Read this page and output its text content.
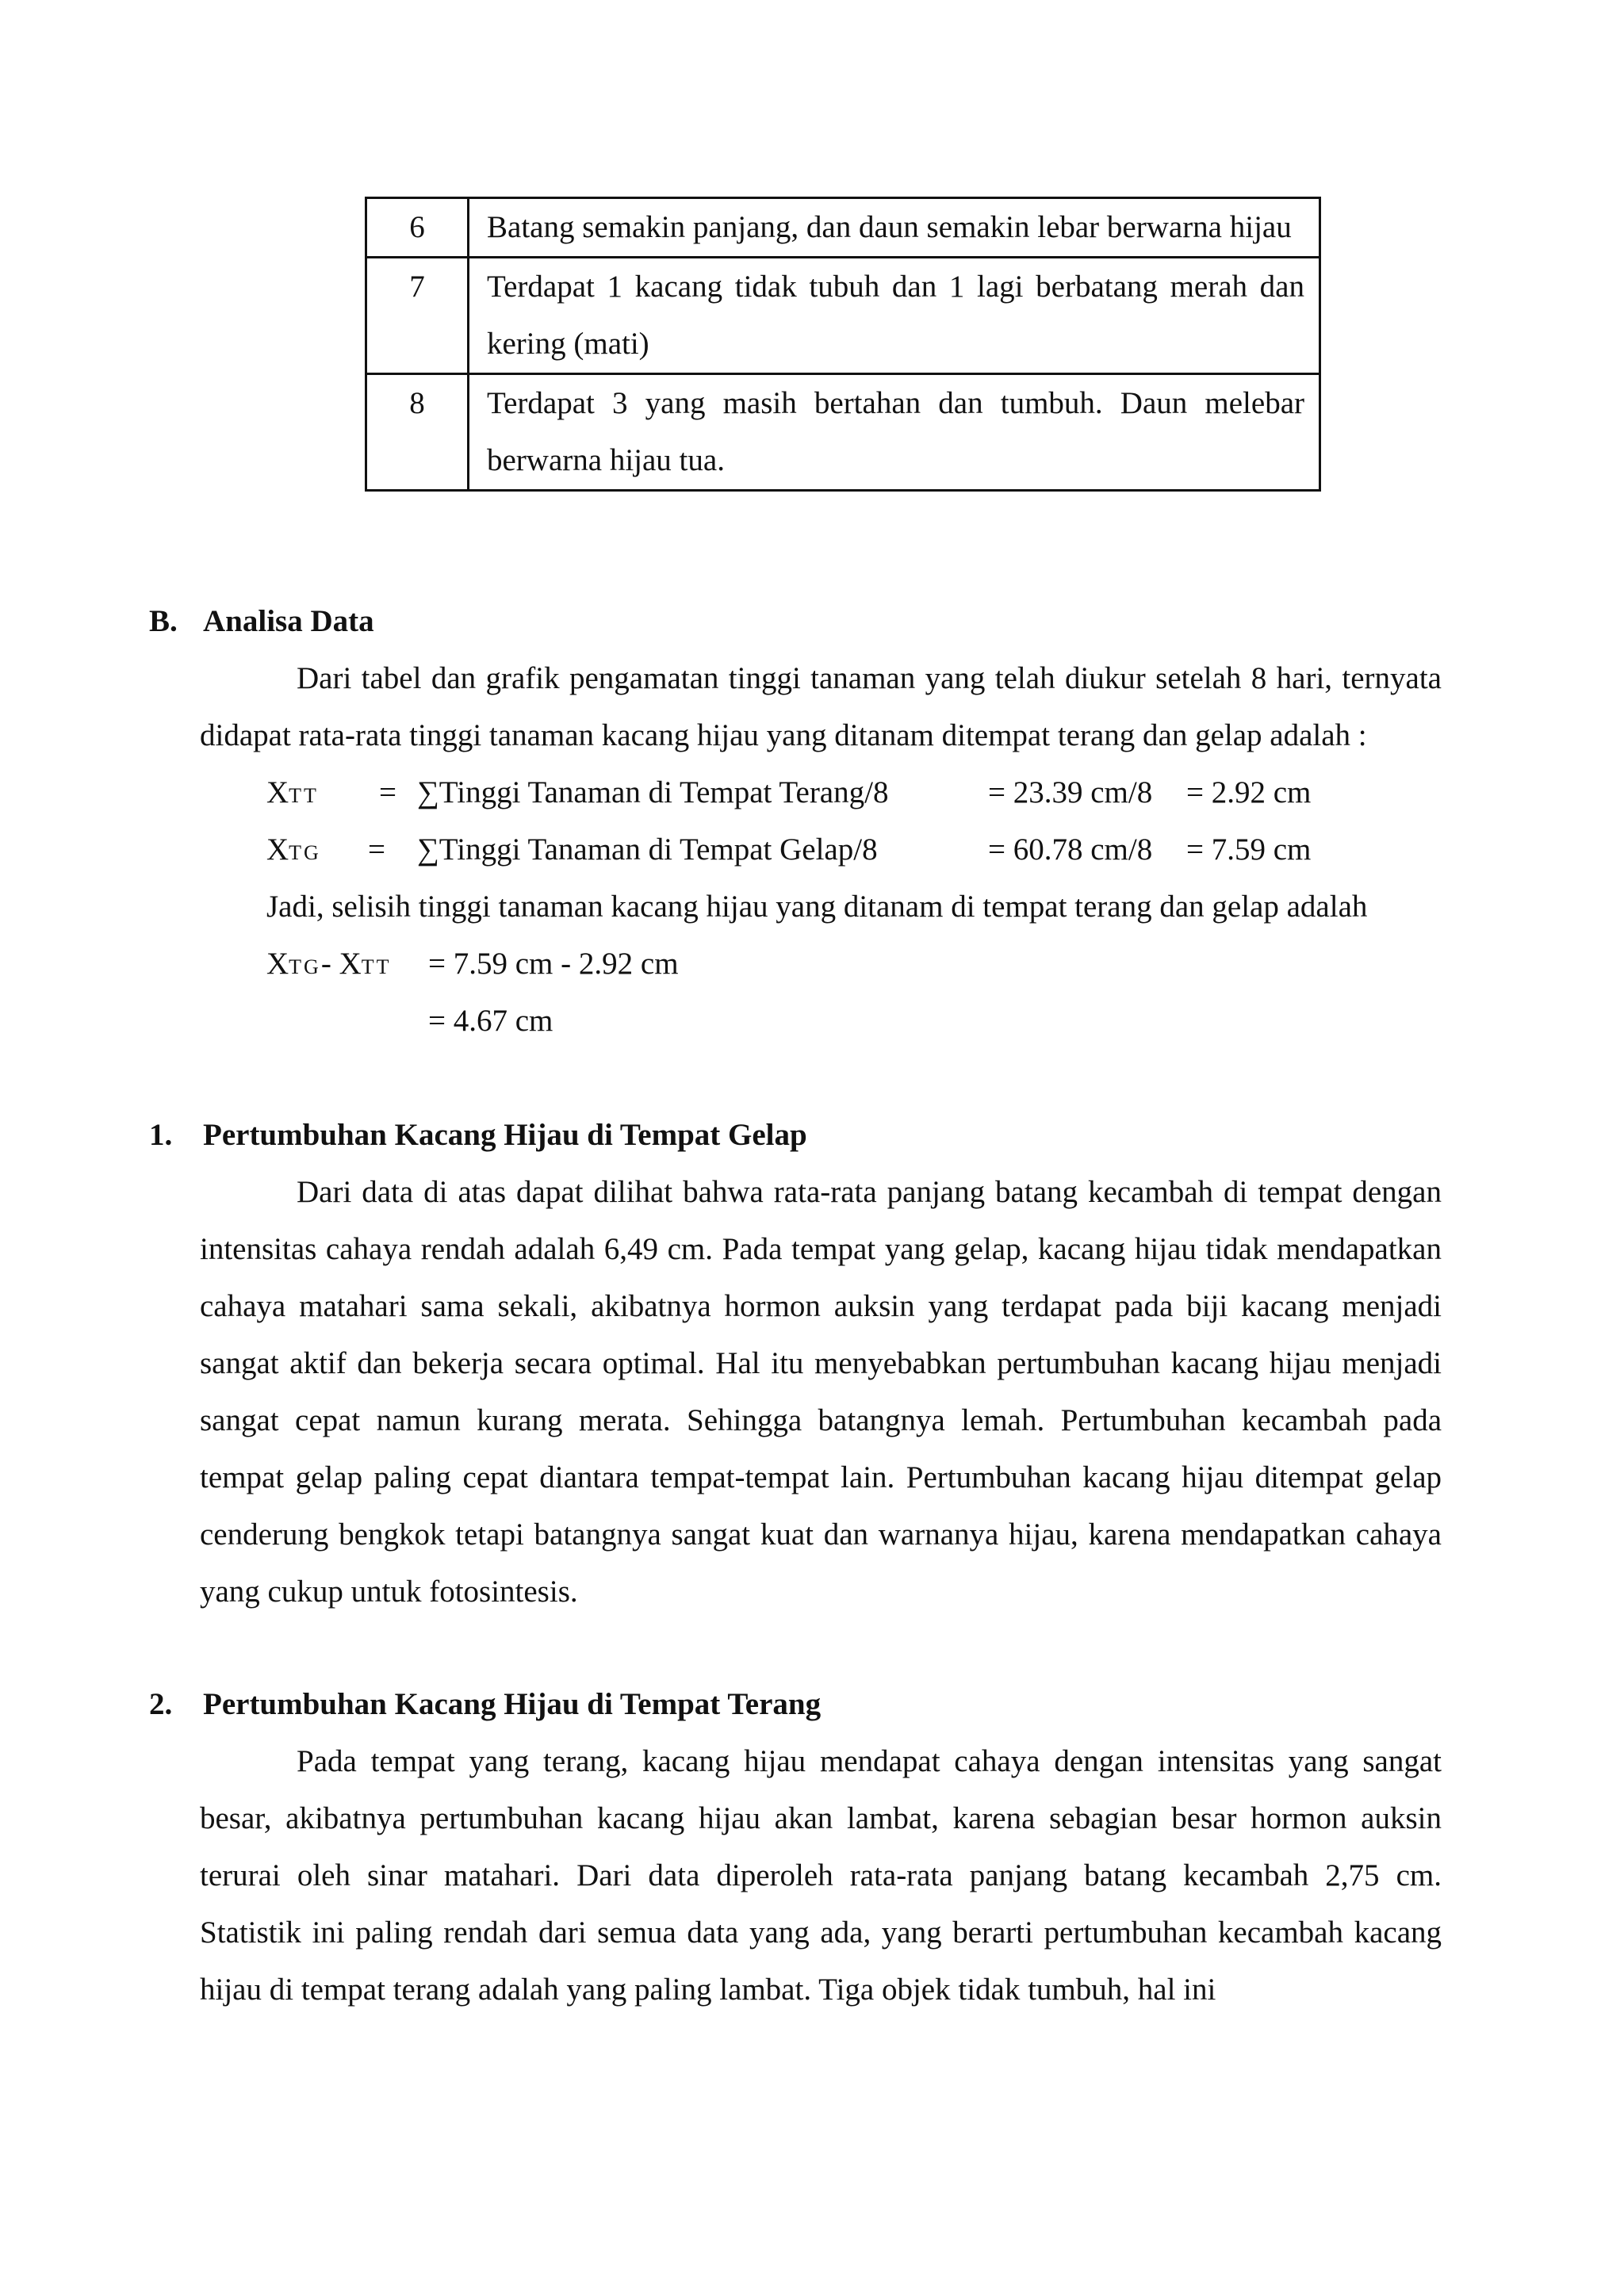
6	Batang semakin panjang, dan daun semakin lebar berwarna hijau
7	Terdapat 1 kacang tidak tubuh dan 1 lagi berbatang merah dan kering (mati)
8	Terdapat 3 yang masih bertahan dan tumbuh. Daun melebar berwarna hijau tua.
B. Analisa Data

Dari tabel dan grafik pengamatan tinggi tanaman yang telah diukur setelah 8 hari, ternyata didapat rata-rata tinggi tanaman kacang hijau yang ditanam ditempat terang dan gelap adalah :

XTT = ∑Tinggi Tanaman di Tempat Terang/8	= 23.39 cm/8 = 2.92 cm
XTG = ∑Tinggi Tanaman di Tempat Gelap/8	= 60.78 cm/8 = 7.59 cm

Jadi, selisih tinggi tanaman kacang hijau yang ditanam di tempat terang dan gelap adalah

XTG- XTT = 7.59 cm - 2.92 cm
= 4.67 cm
1. Pertumbuhan Kacang Hijau di Tempat Gelap

Dari data di atas dapat dilihat bahwa rata-rata panjang batang kecambah di tempat dengan intensitas cahaya rendah adalah 6,49 cm. Pada tempat yang gelap, kacang hijau tidak mendapatkan cahaya matahari sama sekali, akibatnya hormon auksin yang terdapat pada biji kacang menjadi sangat aktif dan bekerja secara optimal. Hal itu menyebabkan pertumbuhan kacang hijau menjadi sangat cepat namun kurang merata. Sehingga batangnya lemah. Pertumbuhan kecambah pada tempat gelap paling cepat diantara tempat-tempat lain. Pertumbuhan kacang hijau ditempat gelap cenderung bengkok tetapi batangnya sangat kuat dan warnanya hijau, karena mendapatkan cahaya yang cukup untuk fotosintesis.

2. Pertumbuhan Kacang Hijau di Tempat Terang

Pada tempat yang terang, kacang hijau mendapat cahaya dengan intensitas yang sangat besar, akibatnya pertumbuhan kacang hijau akan lambat, karena sebagian besar hormon auksin terurai oleh sinar matahari. Dari data diperoleh rata-rata panjang batang kecambah 2,75 cm. Statistik ini paling rendah dari semua data yang ada, yang berarti pertumbuhan kecambah kacang hijau di tempat terang adalah yang paling lambat. Tiga objek tidak tumbuh, hal ini
